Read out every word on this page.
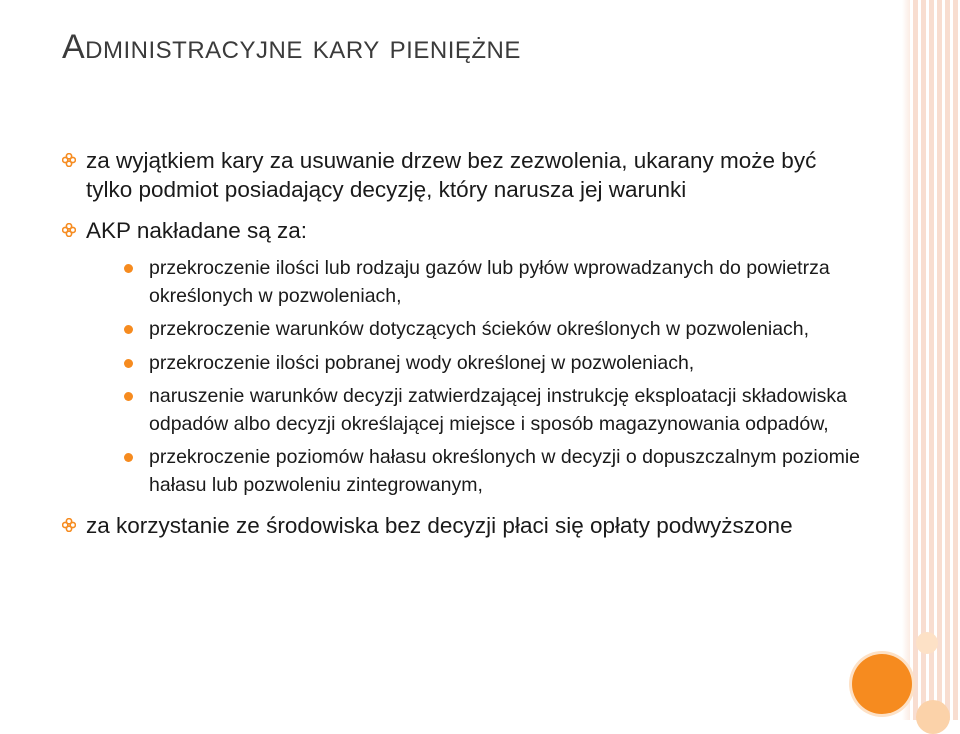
Administracyjne kary pieniężne
za wyjątkiem kary za usuwanie drzew bez zezwolenia, ukarany może być tylko podmiot posiadający decyzję, który narusza jej warunki
AKP nakładane są za:
przekroczenie ilości lub rodzaju gazów lub pyłów wprowadzanych do powietrza określonych w pozwoleniach,
przekroczenie warunków dotyczących ścieków określonych w pozwoleniach,
przekroczenie ilości pobranej wody określonej w pozwoleniach,
naruszenie warunków decyzji zatwierdzającej instrukcję eksploatacji składowiska odpadów albo decyzji określającej miejsce i sposób magazynowania odpadów,
przekroczenie poziomów hałasu określonych w decyzji o dopuszczalnym poziomie hałasu lub pozwoleniu zintegrowanym,
za korzystanie ze środowiska bez decyzji płaci się opłaty podwyższone
